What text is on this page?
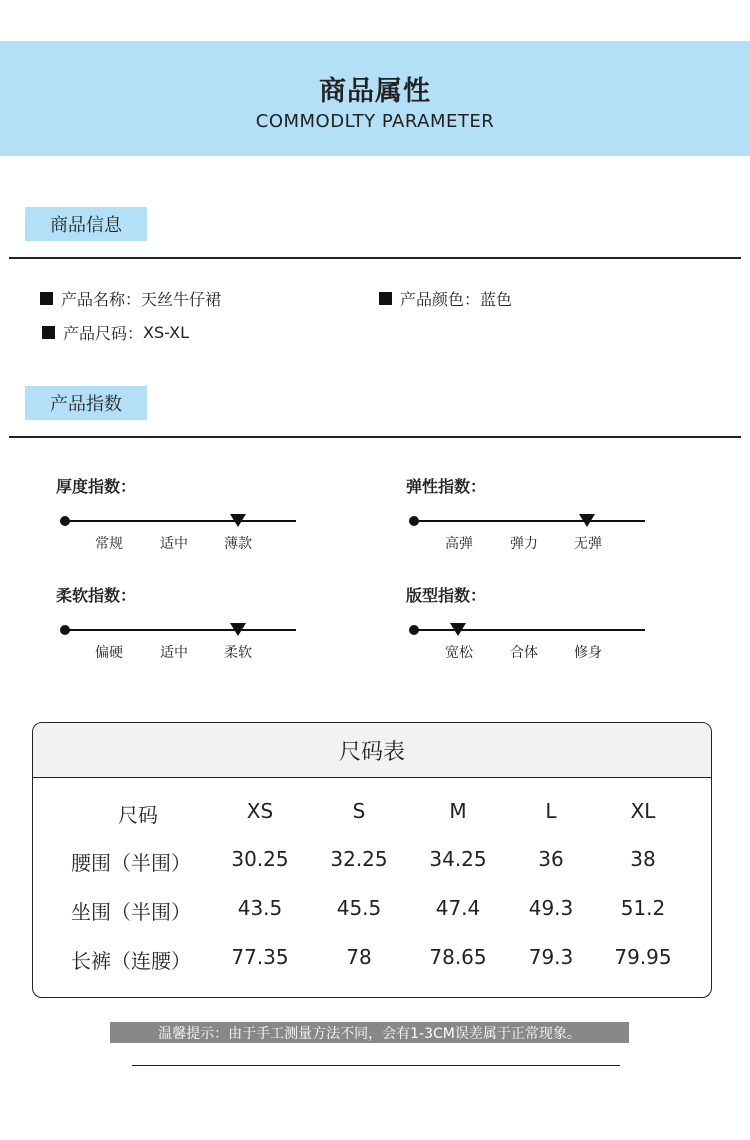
商品属性
COMMODLTY PARAMETER
商品信息
产品名称： 天丝牛仔裙	产品颜色： 蓝色
产品尺码： XS-XL
产品指数
厚度指数：
常规	适中	薄款
弹性指数：
高弹	弹力	无弹
柔软指数：
偏硬	适中	柔软
版型指数：
宽松	合体	修身
尺码表
尺码	XS	S	M	L	XL
腰围（半围） 30.25 32.25 34.25	36	38
坐围（半围） 43.5	45.5	47.4 49.3 51.2
长裤（连腰） 77.35	78	78.65 79.3 79.95
温馨提示：由于手工测量方法不同，会有1-3CM误差属于正常现象。
